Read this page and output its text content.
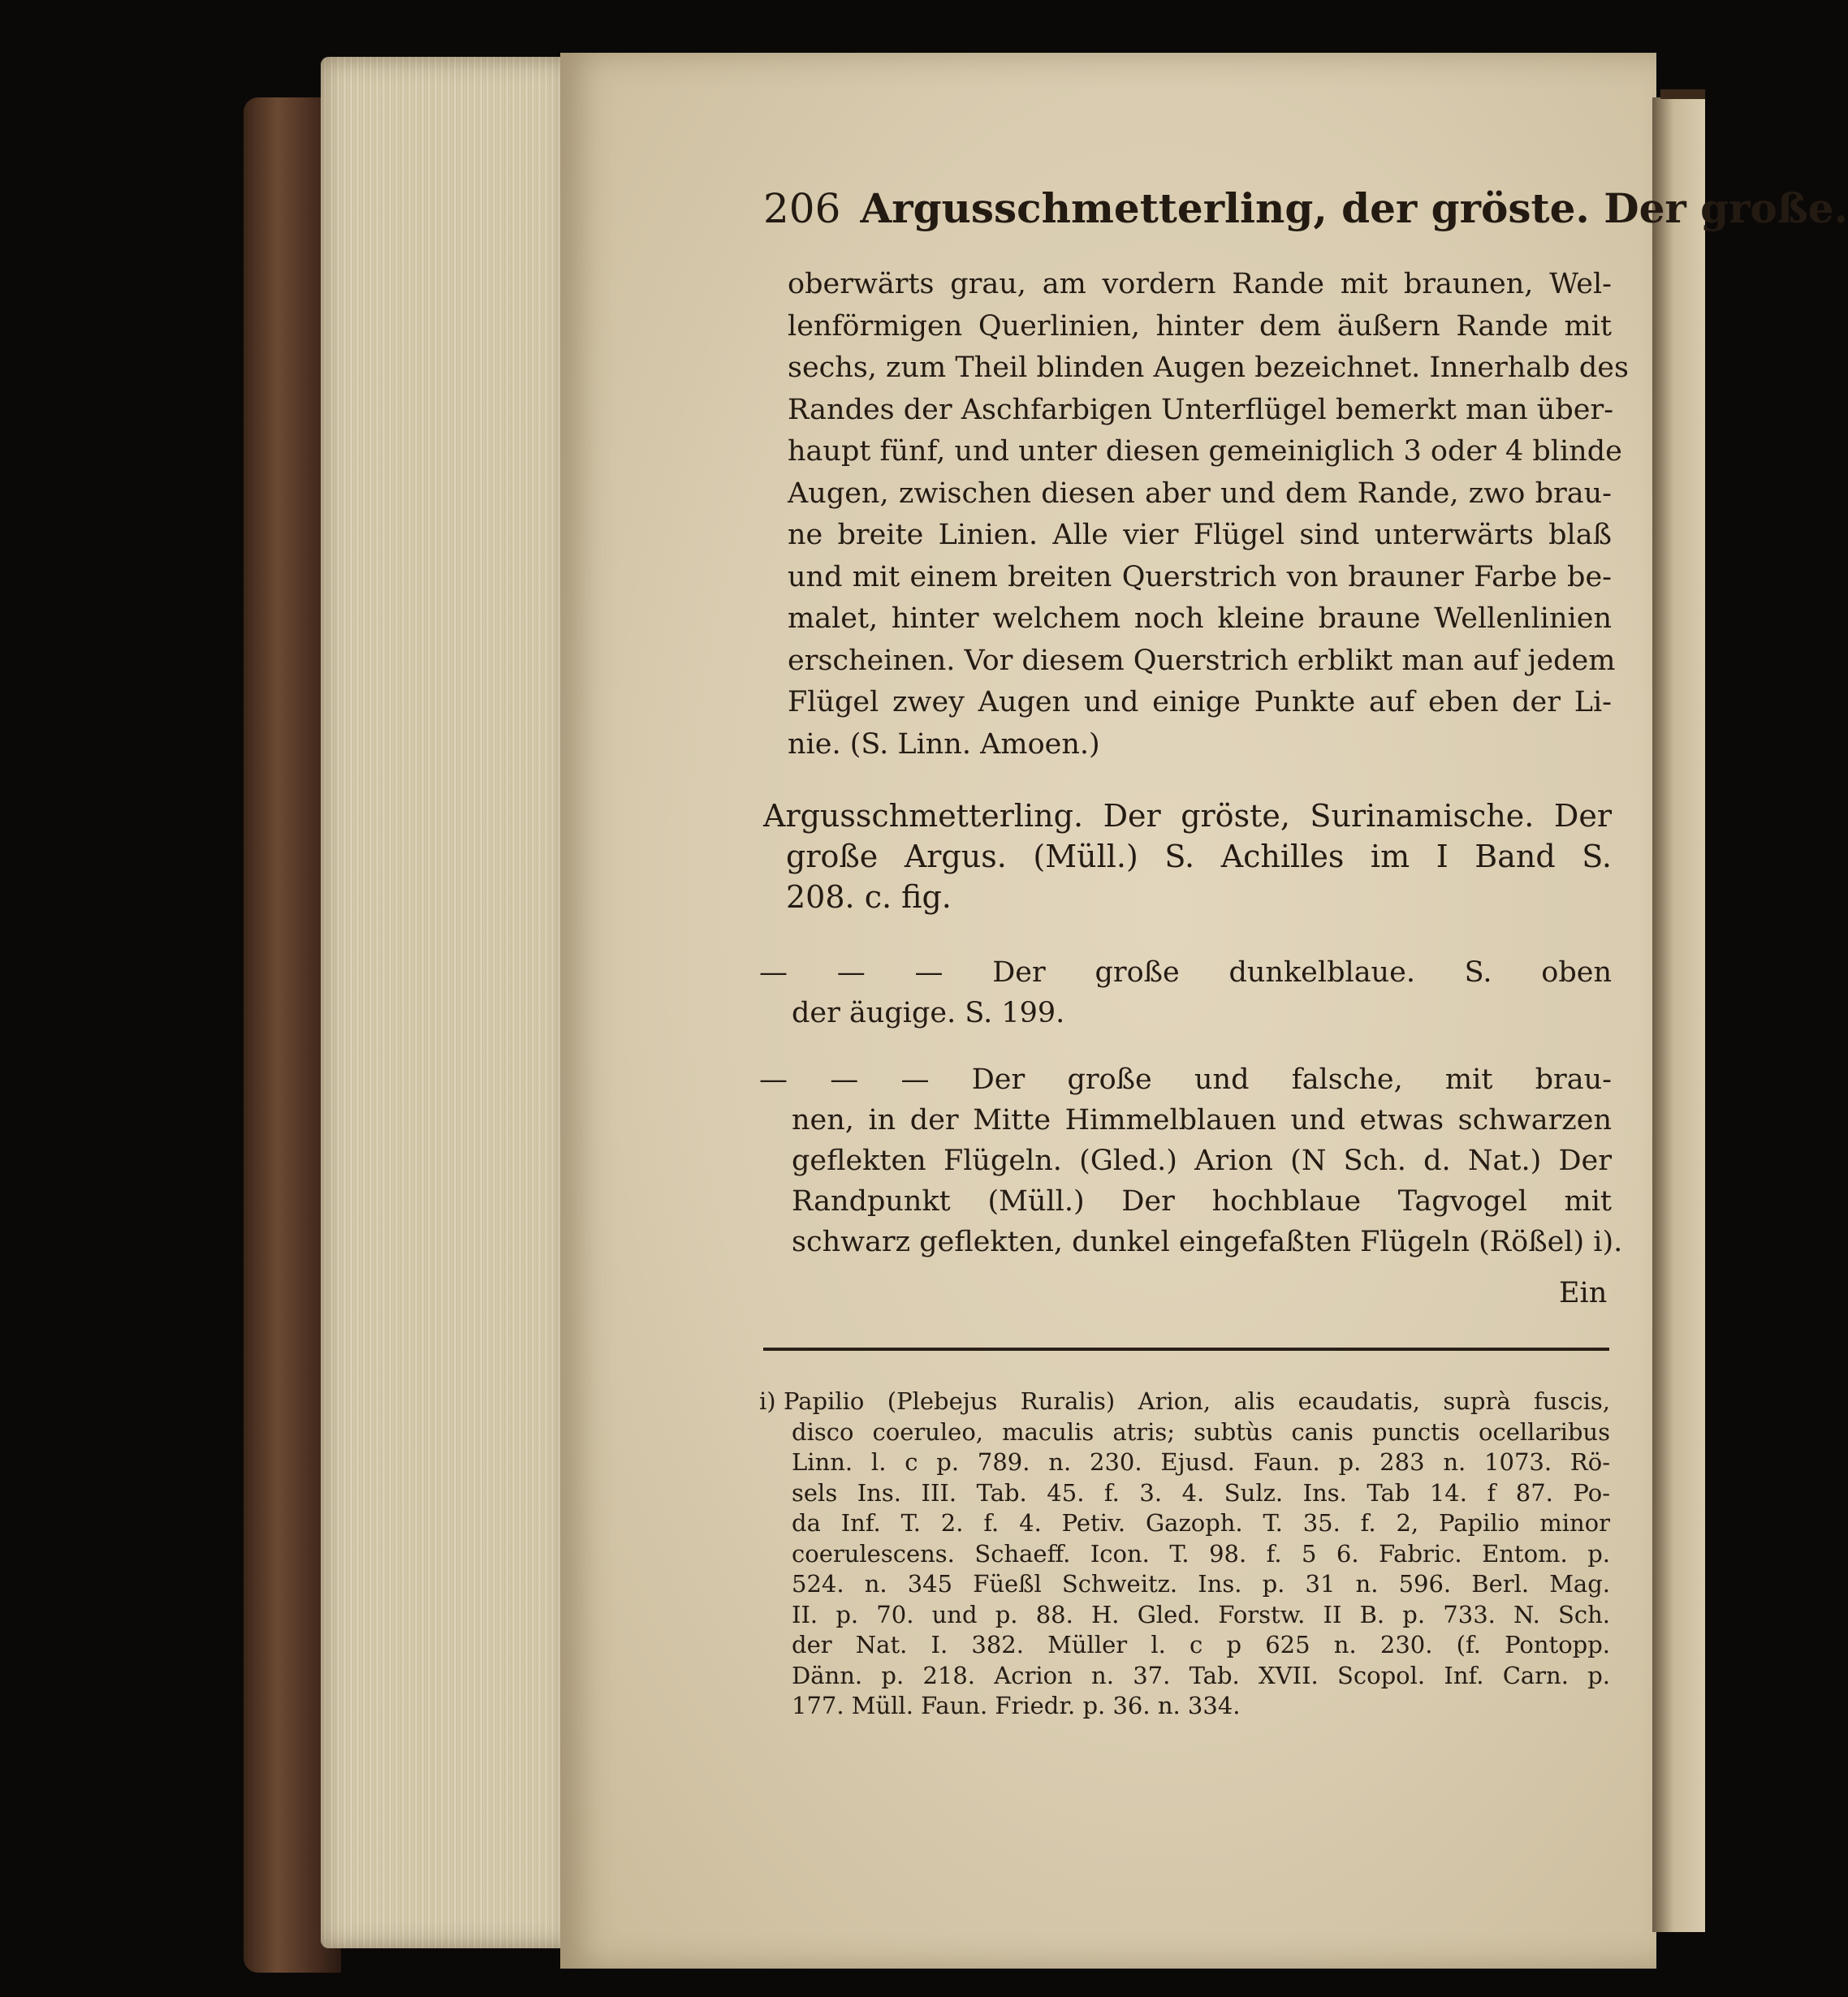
206 Argusschmetterling, der gröste. Der große.
oberwärts grau, am vordern Rande mit braunen, Wel-
lenförmigen Querlinien, hinter dem äußern Rande mit
sechs, zum Theil blinden Augen bezeichnet. Innerhalb des
Randes der Aschfarbigen Unterflügel bemerkt man über-
haupt fünf, und unter diesen gemeiniglich 3 oder 4 blinde
Augen, zwischen diesen aber und dem Rande, zwo brau-
ne breite Linien. Alle vier Flügel sind unterwärts blaß
und mit einem breiten Querstrich von brauner Farbe be-
malet, hinter welchem noch kleine braune Wellenlinien
erscheinen. Vor diesem Querstrich erblikt man auf jedem
Flügel zwey Augen und einige Punkte auf eben der Li-
nie. (S. Linn. Amoen.)
Argusschmetterling. Der gröste, Surinamische. Der
große Argus. (Müll.) S. Achilles im I Band S.
208. c. fig.
— — — Der große dunkelblaue. S. oben
der äugige. S. 199.
— — — Der große und falsche, mit brau-
nen, in der Mitte Himmelblauen und etwas schwarzen
geflekten Flügeln. (Gled.) Arion (N Sch. d. Nat.) Der
Randpunkt (Müll.) Der hochblaue Tagvogel mit
schwarz geflekten, dunkel eingefaßten Flügeln (Rößel) i).
Ein
i) Papilio (Plebejus Ruralis) Arion, alis ecaudatis, suprà fuscis,
disco coeruleo, maculis atris; subtùs canis punctis ocellaribus
Linn. l. c p. 789. n. 230. Ejusd. Faun. p. 283 n. 1073. Rö-
sels Ins. III. Tab. 45. f. 3. 4. Sulz. Ins. Tab 14. f 87. Po-
da Inf. T. 2. f. 4. Petiv. Gazoph. T. 35. f. 2, Papilio minor
coerulescens. Schaeff. Icon. T. 98. f. 5 6. Fabric. Entom. p.
524. n. 345 Füeßl Schweitz. Ins. p. 31 n. 596. Berl. Mag.
II. p. 70. und p. 88. H. Gled. Forstw. II B. p. 733. N. Sch.
der Nat. I. 382. Müller l. c p 625 n. 230. (f. Pontopp.
Dänn. p. 218. Acrion n. 37. Tab. XVII. Scopol. Inf. Carn. p.
177. Müll. Faun. Friedr. p. 36. n. 334.
